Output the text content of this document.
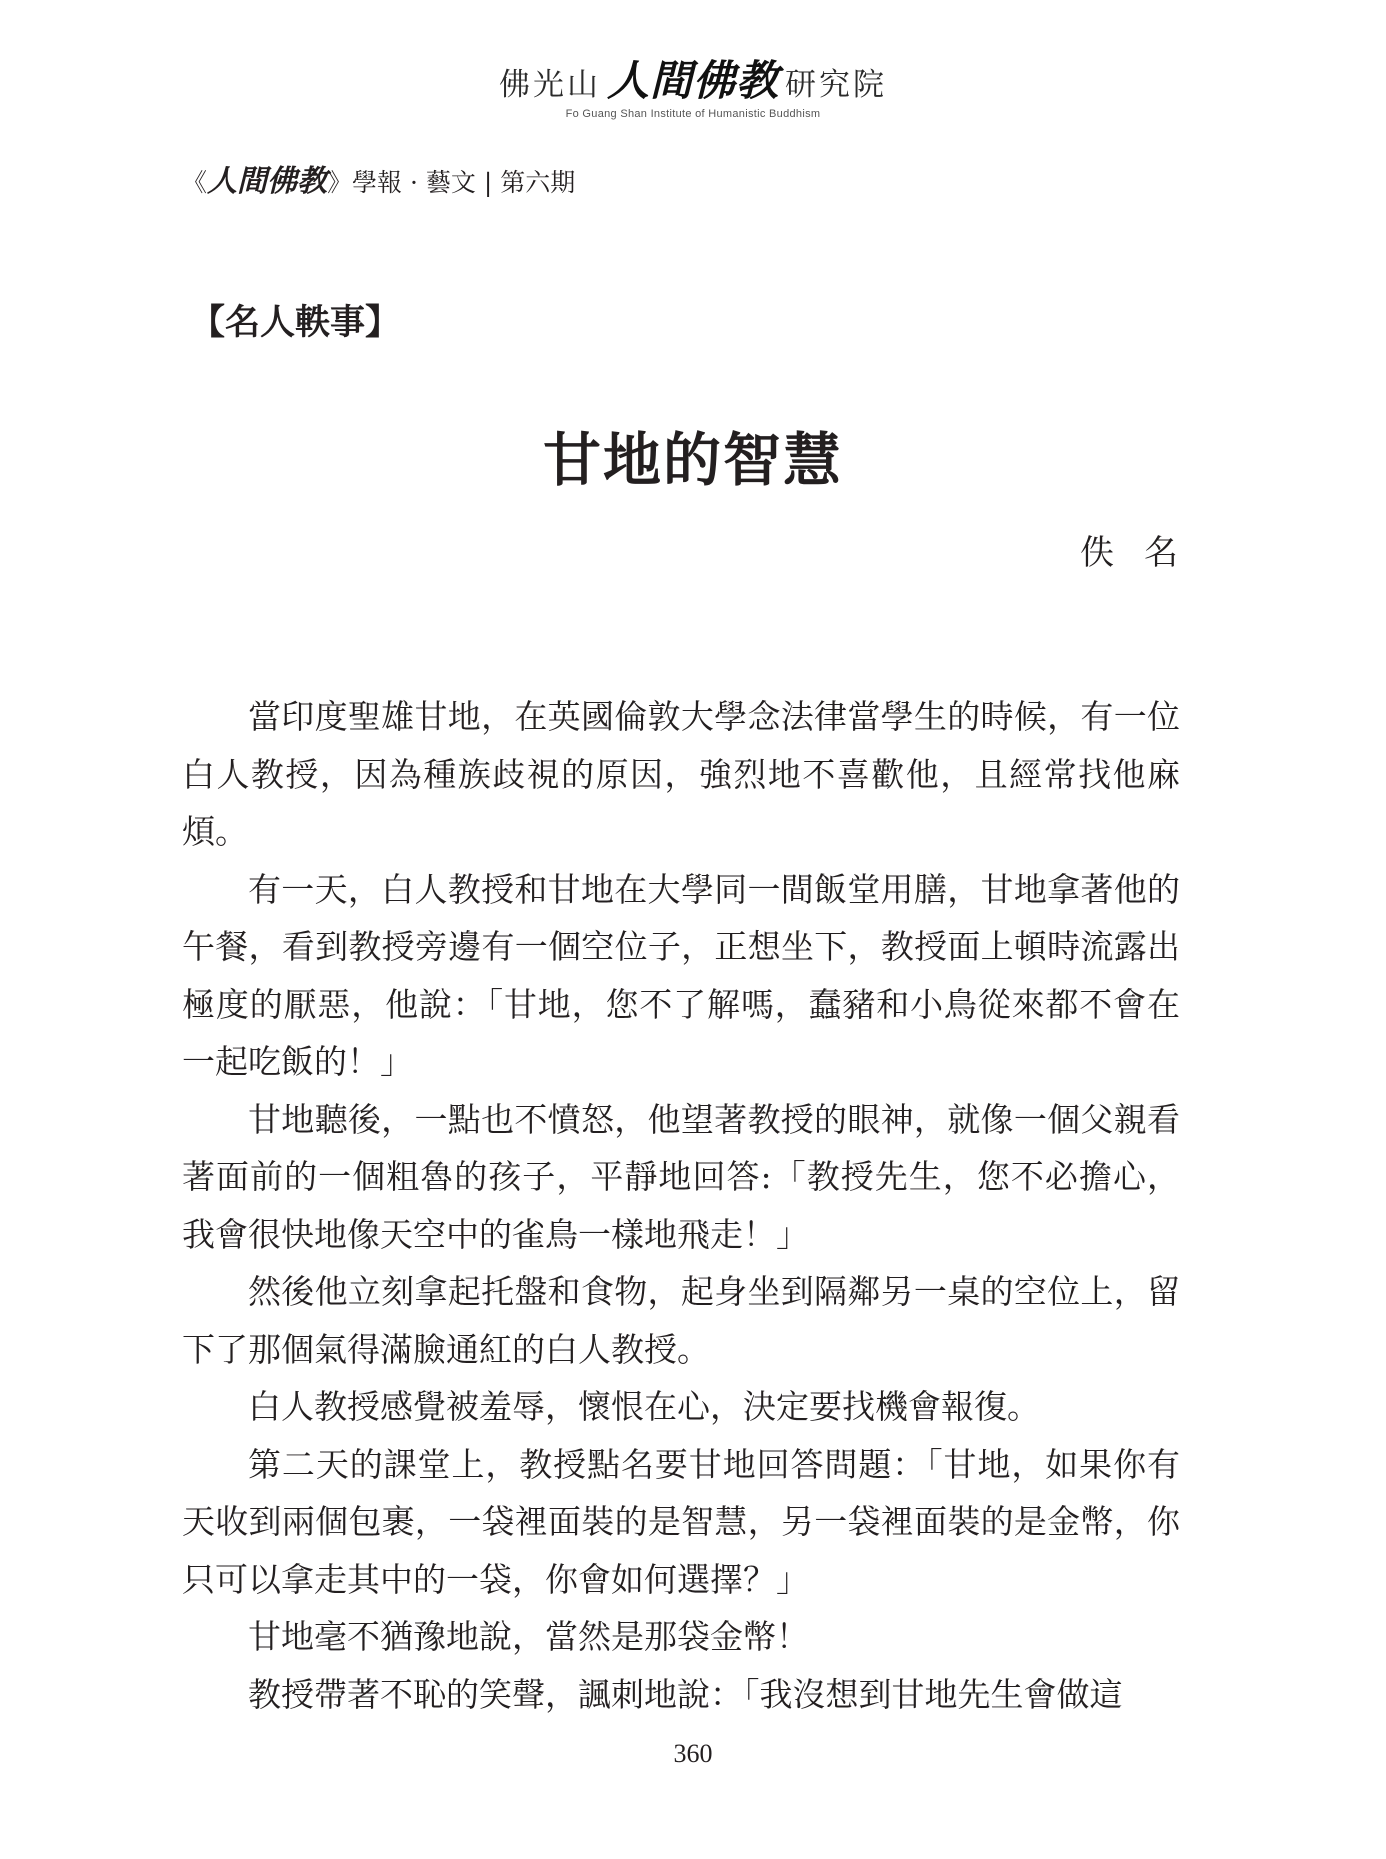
佛光山 人間佛教 研究院
Fo Guang Shan Institute of Humanistic Buddhism
《人間佛教》學報 · 藝文 | 第六期
【名人軼事】
甘地的智慧
佚名

當印度聖雄甘地，在英國倫敦大學念法律當學生的時候，有一位白人教授，因為種族歧視的原因，強烈地不喜歡他，且經常找他麻煩。

有一天，白人教授和甘地在大學同一間飯堂用膳，甘地拿著他的午餐，看到教授旁邊有一個空位子，正想坐下，教授面上頓時流露出極度的厭惡，他說：「甘地，您不了解嗎，蠢豬和小鳥從來都不會在一起吃飯的！」

甘地聽後，一點也不憤怒，他望著教授的眼神，就像一個父親看著面前的一個粗魯的孩子，平靜地回答:「教授先生，您不必擔心，我會很快地像天空中的雀鳥一樣地飛走！」

然後他立刻拿起托盤和食物，起身坐到隔鄰另一桌的空位上，留下了那個氣得滿臉通紅的白人教授。

白人教授感覺被羞辱，懷恨在心，決定要找機會報復。

第二天的課堂上，教授點名要甘地回答問題：「甘地，如果你有天收到兩個包裹，一袋裡面裝的是智慧，另一袋裡面裝的是金幣，你只可以拿走其中的一袋，你會如何選擇？」

甘地毫不猶豫地說，當然是那袋金幣！

教授帶著不恥的笑聲，諷刺地說：「我沒想到甘地先生會做這

360
